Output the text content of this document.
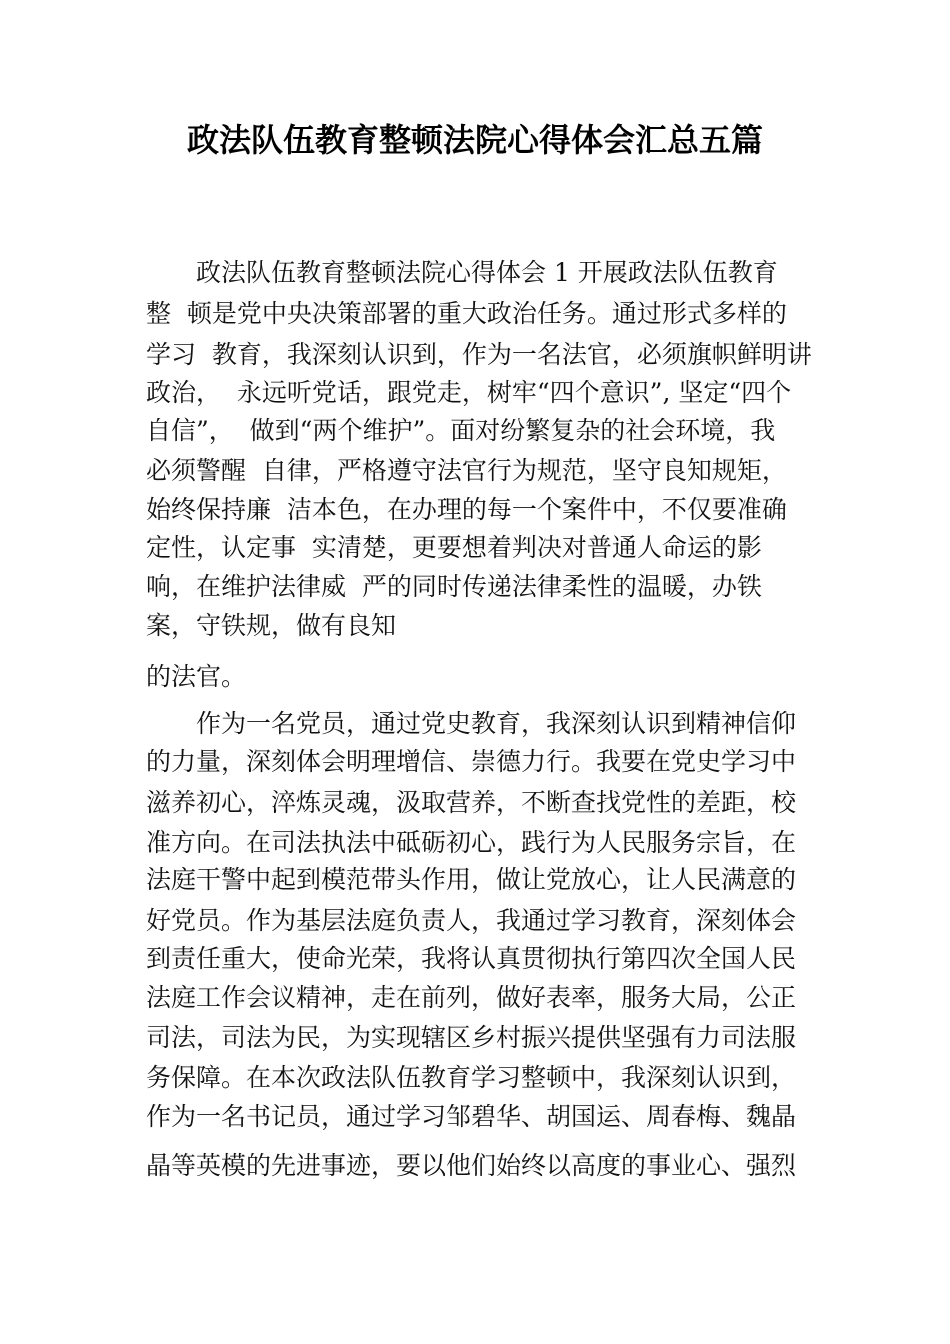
政法队伍教育整顿法院心得体会汇总五篇
政法队伍教育整顿法院心得体会 1 开展政法队伍教育
整  顿是党中央决策部署的重大政治任务。通过形式多样的
学习  教育，我深刻认识到，作为一名法官，必须旗帜鲜明讲
政治，  永远听党话，跟党走，树牢“四个意识”, 坚定“四个
自信”，  做到“两个维护”。面对纷繁复杂的社会环境，我
必须警醒  自律，严格遵守法官行为规范，坚守良知规矩，
始终保持廉  洁本色，在办理的每一个案件中，不仅要准确
定性，认定事  实清楚，更要想着判决对普通人命运的影
响，在维护法律威  严的同时传递法律柔性的温暖，办铁
案，守铁规，做有良知
的法官。
作为一名党员，通过党史教育，我深刻认识到精神信仰
的力量，深刻体会明理增信、崇德力行。我要在党史学习中
滋养初心，淬炼灵魂，汲取营养，不断查找党性的差距，校
准方向。在司法执法中砥砺初心，践行为人民服务宗旨，在
法庭干警中起到模范带头作用，做让党放心，让人民满意的
好党员。作为基层法庭负责人，我通过学习教育，深刻体会
到责任重大，使命光荣，我将认真贯彻执行第四次全国人民
法庭工作会议精神，走在前列，做好表率，服务大局，公正
司法，司法为民，为实现辖区乡村振兴提供坚强有力司法服
务保障。在本次政法队伍教育学习整顿中，我深刻认识到，
作为一名书记员，通过学习邹碧华、胡国运、周春梅、魏晶
晶等英模的先进事迹，要以他们始终以高度的事业心、强烈
